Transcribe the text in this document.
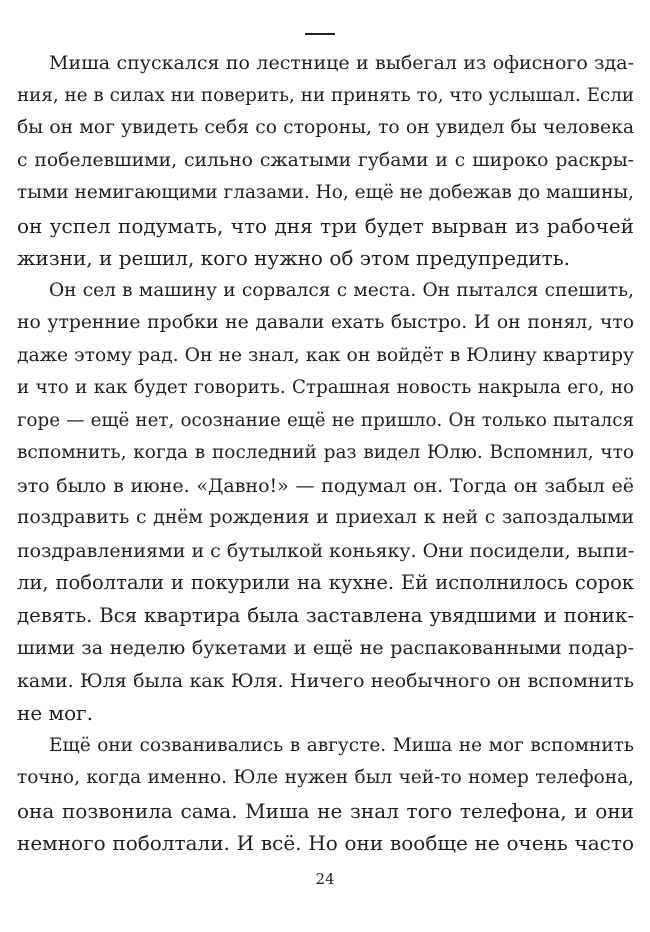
Миша спускался по лестнице и выбегал из офисного зда-
ния, не в силах ни поверить, ни принять то, что услышал. Если
бы он мог увидеть себя со стороны, то он увидел бы человека
с побелевшими, сильно сжатыми губами и с широко раскры-
тыми немигающими глазами. Но, ещё не добежав до машины,
он успел подумать, что дня три будет вырван из рабочей
жизни, и решил, кого нужно об этом предупредить.
Он сел в машину и сорвался с места. Он пытался спешить,
но утренние пробки не давали ехать быстро. И он понял, что
даже этому рад. Он не знал, как он войдёт в Юлину квартиру
и что и как будет говорить. Страшная новость накрыла его, но
горе — ещё нет, осознание ещё не пришло. Он только пытался
вспомнить, когда в последний раз видел Юлю. Вспомнил, что
это было в июне. «Давно!» — подумал он. Тогда он забыл её
поздравить с днём рождения и приехал к ней с запоздалыми
поздравлениями и с бутылкой коньяку. Они посидели, выпи-
ли, поболтали и покурили на кухне. Ей исполнилось сорок
девять. Вся квартира была заставлена увядшими и поник-
шими за неделю букетами и ещё не распакованными подар-
ками. Юля была как Юля. Ничего необычного он вспомнить
не мог.
Ещё они созванивались в августе. Миша не мог вспомнить
точно, когда именно. Юле нужен был чей-то номер телефона,
она позвонила сама. Миша не знал того телефона, и они
немного поболтали. И всё. Но они вообще не очень часто
24
